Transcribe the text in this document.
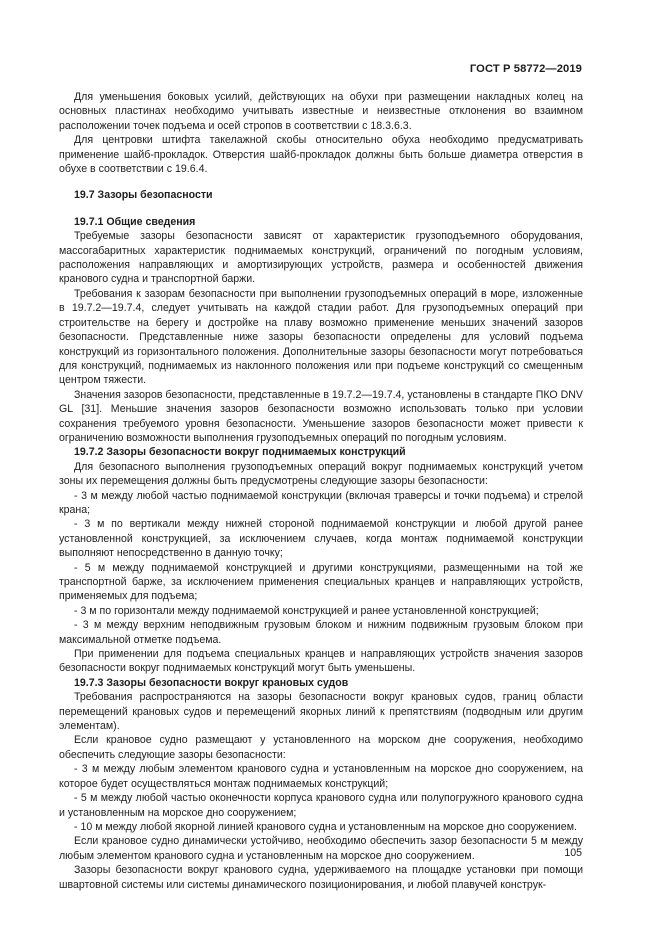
ГОСТ Р 58772—2019

Для уменьшения боковых усилий, действующих на обухи при размещении накладных колец на основных пластинах необходимо учитывать известные и неизвестные отклонения во взаимном расположении точек подъема и осей стропов в соответствии с 18.3.6.3.

Для центровки штифта такелажной скобы относительно обуха необходимо предусматривать применение шайб-прокладок. Отверстия шайб-прокладок должны быть больше диаметра отверстия в обухе в соответствии с 19.6.4.

19.7 Зазоры безопасности
19.7.1 Общие сведения

Требуемые зазоры безопасности зависят от характеристик грузоподъемного оборудования, массогабаритных характеристик поднимаемых конструкций, ограничений по погодным условиям, расположения направляющих и амортизирующих устройств, размера и особенностей движения кранового судна и транспортной баржи.

Требования к зазорам безопасности при выполнении грузоподъемных операций в море, изложенные в 19.7.2—19.7.4, следует учитывать на каждой стадии работ. Для грузоподъемных операций при строительстве на берегу и достройке на плаву возможно применение меньших значений зазоров безопасности. Представленные ниже зазоры безопасности определены для условий подъема конструкций из горизонтального положения. Дополнительные зазоры безопасности могут потребоваться для конструкций, поднимаемых из наклонного положения или при подъеме конструкций со смещенным центром тяжести.

Значения зазоров безопасности, представленные в 19.7.2—19.7.4, установлены в стандарте ПКО DNV GL [31]. Меньшие значения зазоров безопасности возможно использовать только при условии сохранения требуемого уровня безопасности. Уменьшение зазоров безопасности может привести к ограничению возможности выполнения грузоподъемных операций по погодным условиям.

19.7.2 Зазоры безопасности вокруг поднимаемых конструкций

Для безопасного выполнения грузоподъемных операций вокруг поднимаемых конструкций учетом зоны их перемещения должны быть предусмотрены следующие зазоры безопасности:

- 3 м между любой частью поднимаемой конструкции (включая траверсы и точки подъема) и стрелой крана;

- 3 м по вертикали между нижней стороной поднимаемой конструкции и любой другой ранее установленной конструкцией, за исключением случаев, когда монтаж поднимаемой конструкции выполняют непосредственно в данную точку;

- 5 м между поднимаемой конструкцией и другими конструкциями, размещенными на той же транспортной барже, за исключением применения специальных кранцев и направляющих устройств, применяемых для подъема;

- 3 м по горизонтали между поднимаемой конструкцией и ранее установленной конструкцией;

- 3 м между верхним неподвижным грузовым блоком и нижним подвижным грузовым блоком при максимальной отметке подъема.

При применении для подъема специальных кранцев и направляющих устройств значения зазоров безопасности вокруг поднимаемых конструкций могут быть уменьшены.

19.7.3 Зазоры безопасности вокруг крановых судов

Требования распространяются на зазоры безопасности вокруг крановых судов, границ области перемещений крановых судов и перемещений якорных линий к препятствиям (подводным или другим элементам).

Если крановое судно размещают у установленного на морском дне сооружения, необходимо обеспечить следующие зазоры безопасности:

- 3 м между любым элементом кранового судна и установленным на морское дно сооружением, на которое будет осуществляться монтаж поднимаемых конструкций;

- 5 м между любой частью оконечности корпуса кранового судна или полупогружного кранового судна и установленным на морское дно сооружением;

- 10 м между любой якорной линией кранового судна и установленным на морское дно сооружением.

Если крановое судно динамически устойчиво, необходимо обеспечить зазор безопасности 5 м между любым элементом кранового судна и установленным на морское дно сооружением.

Зазоры безопасности вокруг кранового судна, удерживаемого на площадке установки при помощи швартовной системы или системы динамического позиционирования, и любой плавучей конструк-

105
